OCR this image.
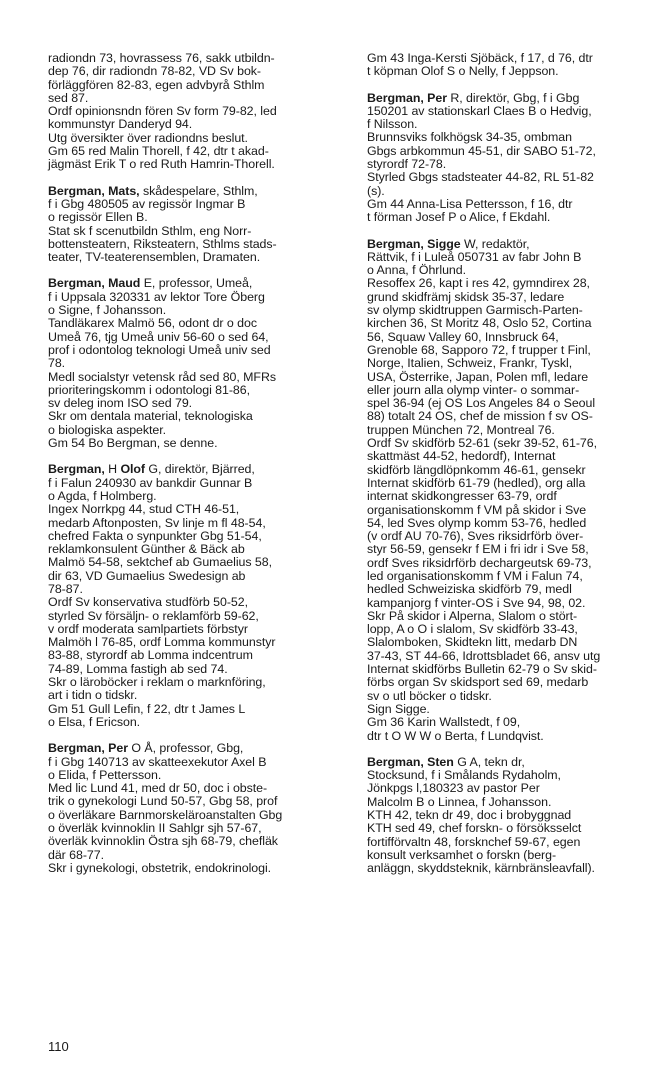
radiondn 73, hovrassess 76, sakk utbildn-
dep 76, dir radiondn 78-82, VD Sv bok-
förläggfören 82-83, egen advbyrå Sthlm
sed 87.
Ordf opinionsndn fören Sv form 79-82, led
kommunstyr Danderyd 94.
Utg översikter över radiondns beslut.
Gm 65 red Malin Thorell, f 42, dtr t akad-
jägmäst Erik T o red Ruth Hamrin-Thorell.
Bergman, Mats, skådespelare, Sthlm,
f i Gbg 480505 av regissör Ingmar B
o regissör Ellen B.
Stat sk f scenutbildn Sthlm, eng Norr-
bottensteatern, Riksteatern, Sthlms stads-
teater, TV-teaterensemblen, Dramaten.
Bergman, Maud E, professor, Umeå,
f i Uppsala 320331 av lektor Tore Öberg
o Signe, f Johansson.
Tandläkarex Malmö 56, odont dr o doc
Umeå 76, tjg Umeå univ 56-60 o sed 64,
prof i odontolog teknologi Umeå univ sed
78.
Medl socialstyr vetensk råd sed 80, MFRs
prioriteringskomm i odontologi 81-86,
sv deleg inom ISO sed 79.
Skr om dentala material, teknologiska
o biologiska aspekter.
Gm 54 Bo Bergman, se denne.
Bergman, H Olof G, direktör, Bjärred,
f i Falun 240930 av bankdir Gunnar B
o Agda, f Holmberg.
Ingex Norrkpg 44, stud CTH 46-51,
medarb Aftonposten, Sv linje m fl 48-54,
chefred Fakta o synpunkter Gbg 51-54,
reklamkonsulent Günther & Bäck ab
Malmö 54-58, sektchef ab Gumaelius 58,
dir 63, VD Gumaelius Swedesign ab
78-87.
Ordf Sv konservativa studförb 50-52,
styrled Sv försäljn- o reklamförb 59-62,
v ordf moderata samlpartiets förbstyr
Malmöh l 76-85, ordf Lomma kommunstyr
83-88, styrordf ab Lomma indcentrum
74-89, Lomma fastigh ab sed 74.
Skr o läroböcker i reklam o marknföring,
art i tidn o tidskr.
Gm 51 Gull Lefin, f 22, dtr t James L
o Elsa, f Ericson.
Bergman, Per O Å, professor, Gbg,
f i Gbg 140713 av skatteexekutor Axel B
o Elida, f Pettersson.
Med lic Lund 41, med dr 50, doc i obste-
trik o gynekologi Lund 50-57, Gbg 58, prof
o överläkare Barnmorskeläroanstalten Gbg
o överläk kvinnoklin II Sahlgr sjh 57-67,
överläk kvinnoklin Östra sjh 68-79, chefläk
där 68-77.
Skr i gynekologi, obstetrik, endokrinologi.
Gm 43 Inga-Kersti Sjöbäck, f 17, d 76, dtr
t köpman Olof S o Nelly, f Jeppson.
Bergman, Per R, direktör, Gbg, f i Gbg
150201 av stationskarl Claes B o Hedvig,
f Nilsson.
Brunnsviks folkhögsk 34-35, ombman
Gbgs arbkommun 45-51, dir SABO 51-72,
styrordf 72-78.
Styrled Gbgs stadsteater 44-82, RL 51-82
(s).
Gm 44 Anna-Lisa Pettersson, f 16, dtr
t förman Josef P o Alice, f Ekdahl.
Bergman, Sigge W, redaktör,
Rättvik, f i Luleå 050731 av fabr John B
o Anna, f Öhrlund.
Resoffex 26, kapt i res 42, gymndirex 28,
grund skidfrämj skidsk 35-37, ledare
sv olymp skidtruppen Garmisch-Parten-
kirchen 36, St Moritz 48, Oslo 52, Cortina
56, Squaw Valley 60, Innsbruck 64,
Grenoble 68, Sapporo 72, f trupper t Finl,
Norge, Italien, Schweiz, Frankr, Tyskl,
USA, Österrike, Japan, Polen mfl, ledare
eller journ alla olymp vinter- o sommar-
spel 36-94 (ej OS Los Angeles 84 o Seoul
88) totalt 24 OS, chef de mission f sv OS-
truppen München 72, Montreal 76.
Ordf Sv skidförb 52-61 (sekr 39-52, 61-76,
skattmäst 44-52, hedordf), Internat
skidförb längdlöpnkomm 46-61, gensekr
Internat skidförb 61-79 (hedled), org alla
internat skidkongresser 63-79, ordf
organisationskomm f VM på skidor i Sve
54, led Sves olymp komm 53-76, hedled
(v ordf AU 70-76), Sves riksidrförb över-
styr 56-59, gensekr f EM i fri idr i Sve 58,
ordf Sves riksidrförb dechargeutsk 69-73,
led organisationskomm f VM i Falun 74,
hedled Schweiziska skidförb 79, medl
kampanjorg f vinter-OS i Sve 94, 98, 02.
Skr På skidor i Alperna, Slalom o stört-
lopp, A o O i slalom, Sv skidförb 33-43,
Slalomboken, Skidtekn litt, medarb DN
37-43, ST 44-66, Idrottsbladet 66, ansv utg
Internat skidförbs Bulletin 62-79 o Sv skid-
förbs organ Sv skidsport sed 69, medarb
sv o utl böcker o tidskr.
Sign Sigge.
Gm 36 Karin Wallstedt, f 09,
dtr t O W W o Berta, f Lundqvist.
Bergman, Sten G A, tekn dr,
Stocksund, f i Smålands Rydaholm,
Jönkpgs l,180323 av pastor Per
Malcolm B o Linnea, f Johansson.
KTH 42, tekn dr 49, doc i brobyggnad
KTH sed 49, chef forskn- o försöksselct
fortifförvaltn 48, forsknchef 59-67, egen
konsult verksamhet o forskn (berg-
anläggn, skyddsteknik, kärnbränsleavfall).
110
